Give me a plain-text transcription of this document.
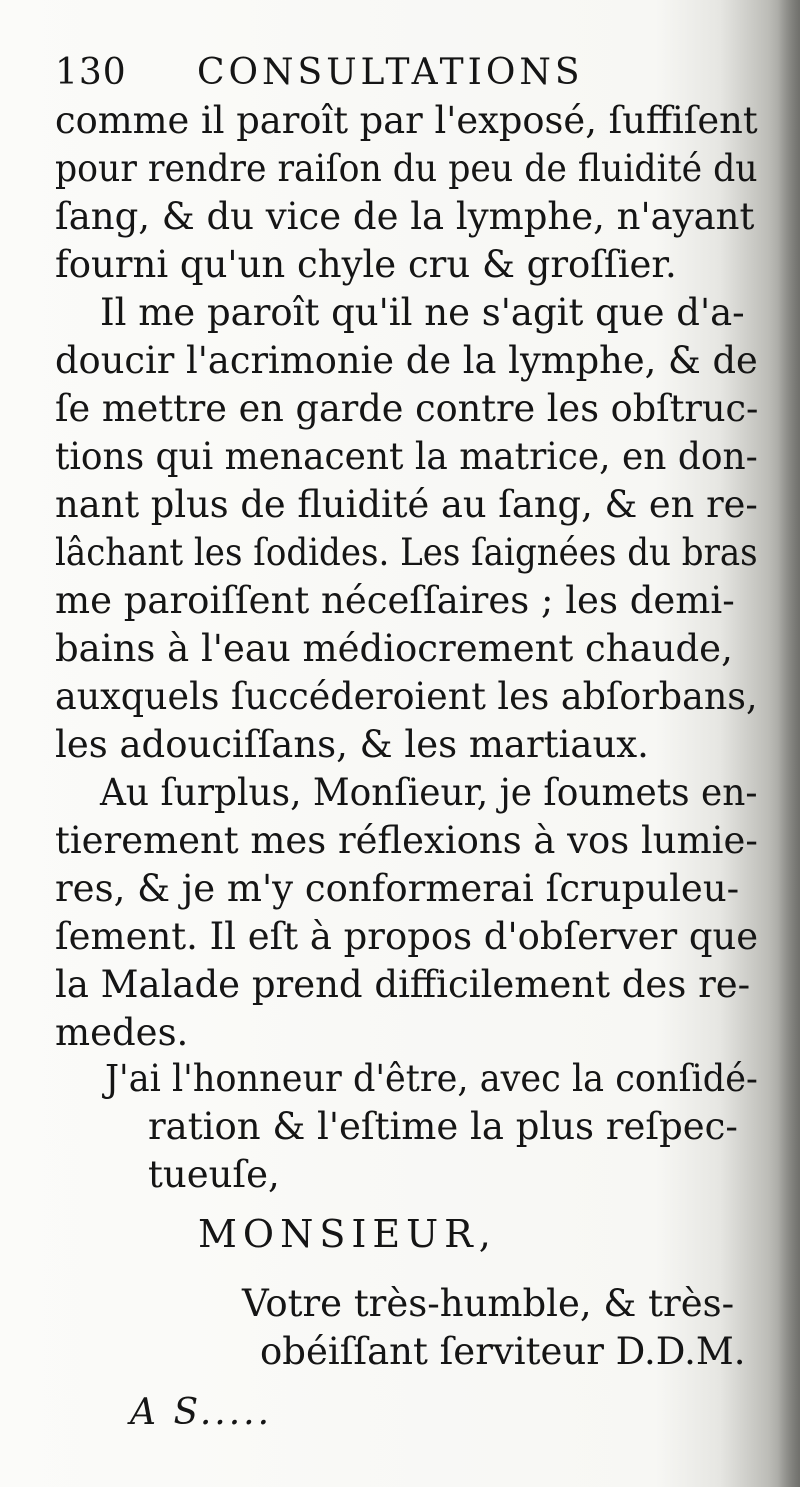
130 CONSULTATIONS
comme il paroît par l'exposé, ſuffiſent
pour rendre raiſon du peu de fluidité du
ſang, & du vice de la lymphe, n'ayant
fourni qu'un chyle cru & groſſier.
Il me paroît qu'il ne s'agit que d'a-
doucir l'acrimonie de la lymphe, & de
ſe mettre en garde contre les obſtruc-
tions qui menacent la matrice, en don-
nant plus de fluidité au ſang, & en re-
lâchant les ſodides. Les ſaignées du bras
me paroiſſent néceſſaires ; les demi-
bains à l'eau médiocrement chaude,
auxquels ſuccéderoient les abſorbans,
les adouciſſans, & les martiaux.
Au ſurplus, Monſieur, je ſoumets en-
tierement mes réflexions à vos lumie-
res, & je m'y conformerai ſcrupuleu-
ſement. Il eſt à propos d'obſerver que
la Malade prend difficilement des re-
medes.
J'ai l'honneur d'être, avec la conſidé-
ration & l'eſtime la plus reſpec-
tueuſe,
MONSIEUR,
Votre très-humble, & très-
obéiſſant ſerviteur D.D.M.
A S.....
